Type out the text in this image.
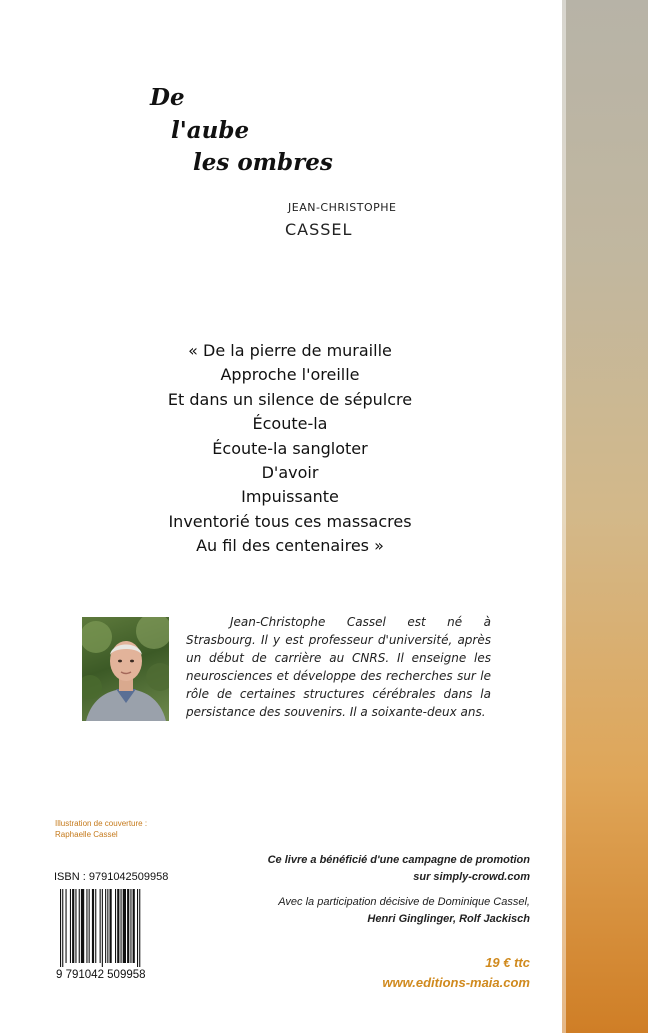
De
l'aube
les ombres
JEAN-CHRISTOPHE
CASSEL
« De la pierre de muraille
Approche l'oreille
Et dans un silence de sépulcre
Écoute-la
Écoute-la sangloter
D'avoir
Impuissante
Inventorié tous ces massacres
Au fil des centenaires »
Jean-Christophe Cassel est né à Strasbourg. Il y est professeur d'université, après un début de carrière au CNRS. Il enseigne les neurosciences et développe des recherches sur le rôle de certaines structures cérébrales dans la persistance des souvenirs. Il a soixante-deux ans.
Illustration de couverture :
Raphaelle Cassel
ISBN : 9791042509958
9 791042 509958
Ce livre a bénéficié d'une campagne de promotion
sur simply-crowd.com
Avec la participation décisive de Dominique Cassel,
Henri Ginglinger, Rolf Jackisch
19 € ttc
www.editions-maia.com
